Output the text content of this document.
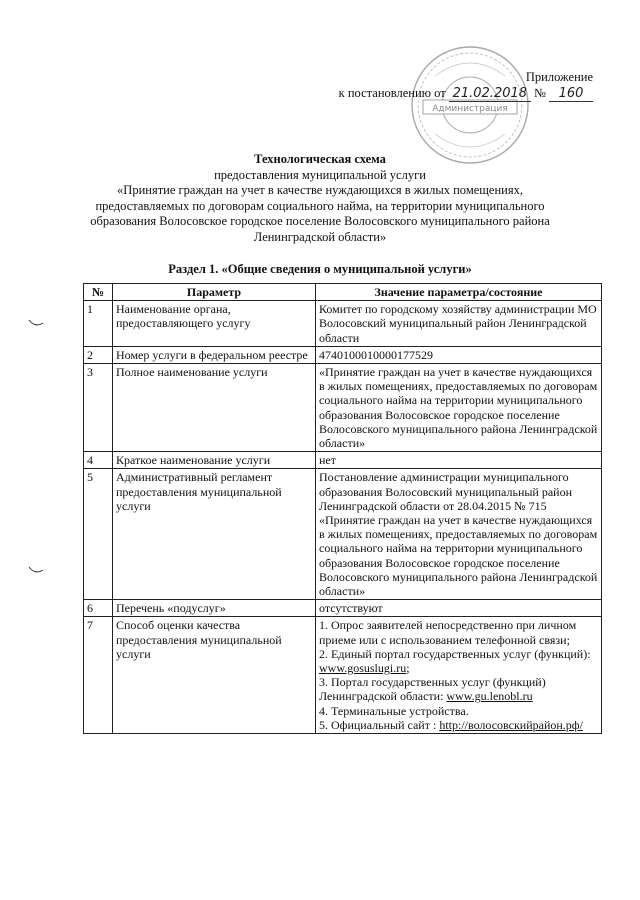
Администрация
Приложение
к постановлению от 21.02.2018 № 160
Технологическая схема
предоставления муниципальной услуги
«Принятие граждан на учет в качестве нуждающихся в жилых помещениях,
предоставляемых по договорам социального найма, на территории муниципального
образования Волосовское городское поселение Волосовского муниципального района
Ленинградской области»
Раздел 1. «Общие сведения о муниципальной услуги»
№	Параметр	Значение параметра/состояние
1	Наименование органа, предоставляющего услугу	Комитет по городскому хозяйству администрации МО Волосовский муниципальный район Ленинградской области
2	Номер услуги в федеральном реестре	4740100010000177529
3	Полное наименование услуги	«Принятие граждан на учет в качестве нуждающихся в жилых помещениях, предоставляемых по договорам социального найма на территории муниципального образования Волосовское городское поселение Волосовского муниципального района Ленинградской области»
4	Краткое наименование услуги	нет
5	Административный регламент предоставления муниципальной услуги	Постановление администрации муниципального образования Волосовский муниципальный район Ленинградской области от 28.04.2015 № 715 «Принятие граждан на учет в качестве нуждающихся в жилых помещениях, предоставляемых по договорам социального найма на территории муниципального образования Волосовское городское поселение Волосовского муниципального района Ленинградской области»
6	Перечень «подуслуг»	отсутствуют
7	Способ оценки качества предоставления муниципальной услуги	1. Опрос заявителей непосредственно при личном приеме или с использованием телефонной связи;
2. Единый портал государственных услуг (функций): www.gosuslugi.ru;
3. Портал государственных услуг (функций) Ленинградской области: www.gu.lenobl.ru
4. Терминальные устройства.
5. Официальный сайт : http://волосовскийрайон.рф/
